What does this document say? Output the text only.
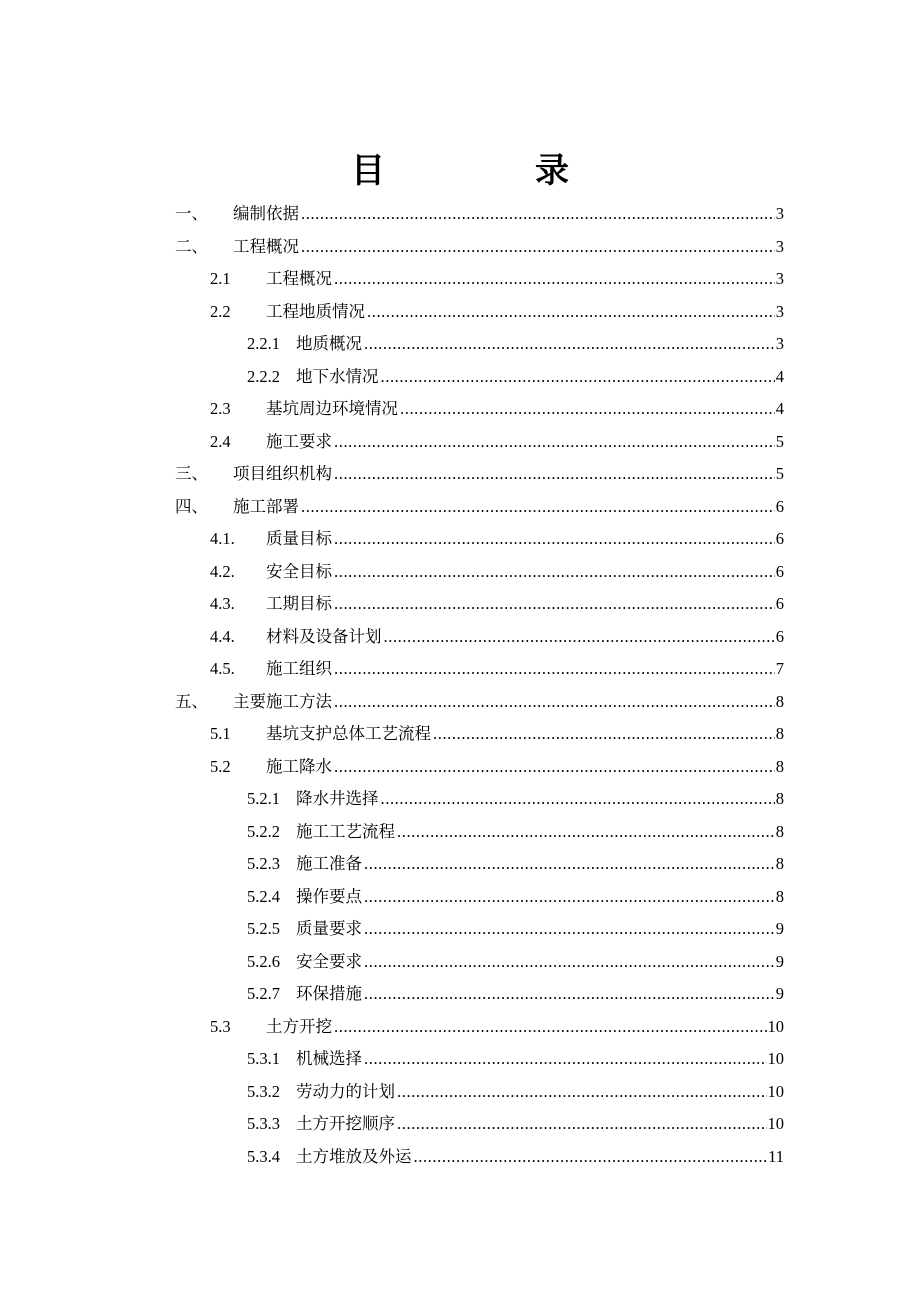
目　录
一、 编制依据 .....	3
二、 工程概况 .....	3
2.1 工程概况 .....	3
2.2 工程地质情况 .....	3
2.2.1 地质概况 .....	3
2.2.2 地下水情况 .....	4
2.3 基坑周边环境情况 .....	4
2.4 施工要求 .....	5
三、 项目组织机构 .....	5
四、 施工部署 .....	6
4.1. 质量目标 .....	6
4.2. 安全目标 .....	6
4.3. 工期目标 .....	6
4.4. 材料及设备计划 .....	6
4.5. 施工组织 .....	7
五、 主要施工方法 .....	8
5.1 基坑支护总体工艺流程 .....	8
5.2 施工降水 .....	8
5.2.1 降水井选择 .....	8
5.2.2 施工工艺流程 .....	8
5.2.3 施工准备 .....	8
5.2.4 操作要点 .....	8
5.2.5 质量要求 .....	9
5.2.6 安全要求 .....	9
5.2.7 环保措施 .....	9
5.3 土方开挖 .....	10
5.3.1 机械选择 .....	10
5.3.2 劳动力的计划 .....	10
5.3.3 土方开挖顺序 .....	10
5.3.4 土方堆放及外运 .....	11
